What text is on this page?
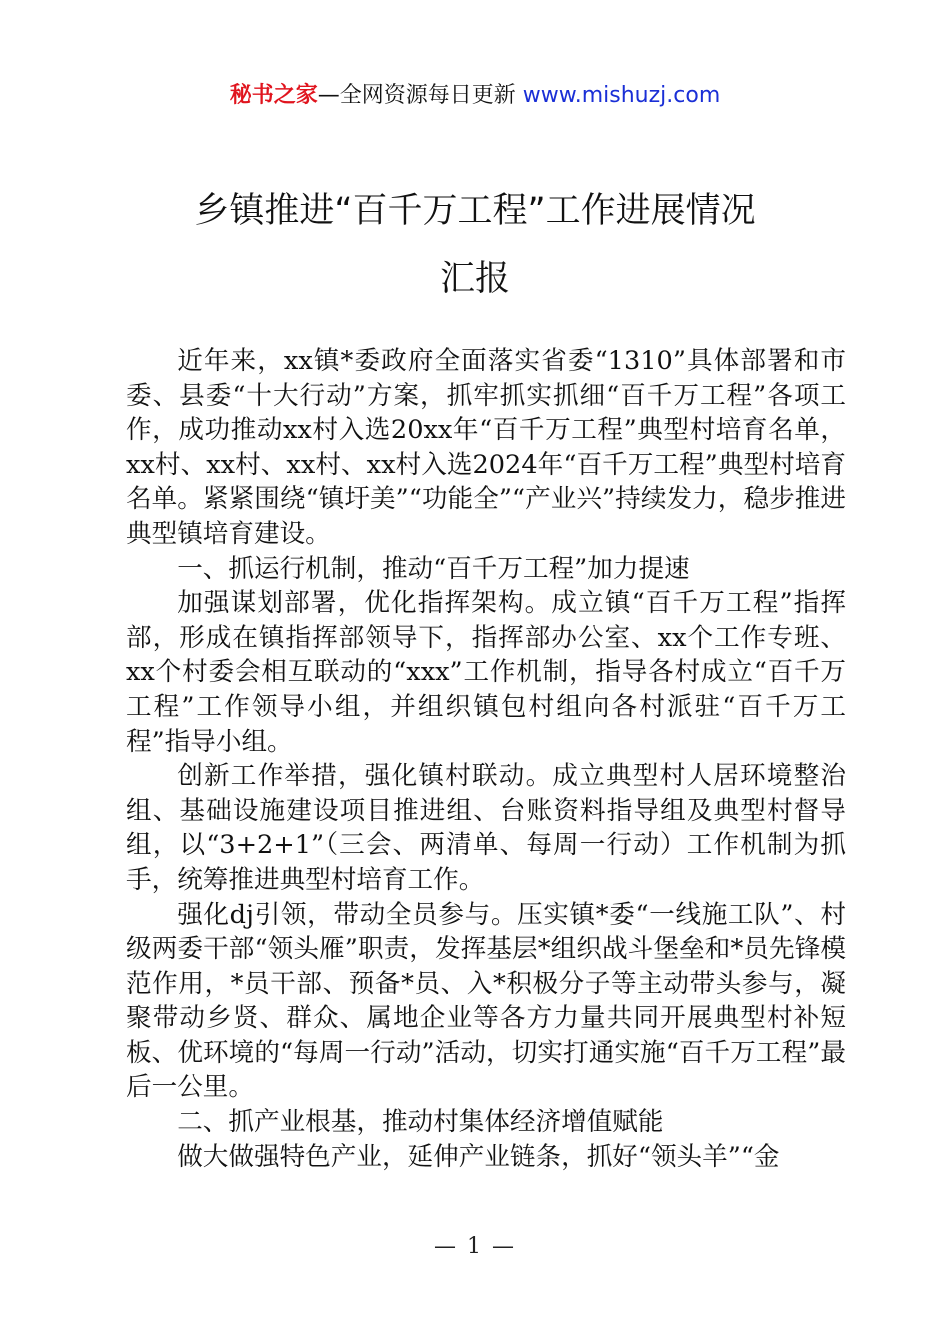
秘书之家—全网资源每日更新 www.mishuzj.com
乡镇推进“百千万工程”工作进展情况
汇报

近年来，xx镇*委政府全面落实省委“1310”具体部署和市委、县委“十大行动”方案，抓牢抓实抓细“百千万工程”各项工作，成功推动xx村入选20xx年“百千万工程”典型村培育名单，xx村、xx村、xx村、xx村入选2024年“百千万工程”典型村培育名单。紧紧围绕“镇圩美”“功能全”“产业兴”持续发力，稳步推进典型镇培育建设。

一、抓运行机制，推动“百千万工程”加力提速

加强谋划部署，优化指挥架构。成立镇“百千万工程”指挥部，形成在镇指挥部领导下，指挥部办公室、xx个工作专班、xx个村委会相互联动的“xxx”工作机制，指导各村成立“百千万工程”工作领导小组，并组织镇包村组向各村派驻“百千万工程”指导小组。

创新工作举措，强化镇村联动。成立典型村人居环境整治组、基础设施建设项目推进组、台账资料指导组及典型村督导组，以“3+2+1”（三会、两清单、每周一行动）工作机制为抓手，统筹推进典型村培育工作。

强化dj引领，带动全员参与。压实镇*委“一线施工队”、村级两委干部“领头雁”职责，发挥基层*组织战斗堡垒和*员先锋模范作用，*员干部、预备*员、入*积极分子等主动带头参与，凝聚带动乡贤、群众、属地企业等各方力量共同开展典型村补短板、优环境的“每周一行动”活动，切实打通实施“百千万工程”最后一公里。

二、抓产业根基，推动村集体经济增值赋能

做大做强特色产业，延伸产业链条，抓好“领头羊”“金

— 1 —
